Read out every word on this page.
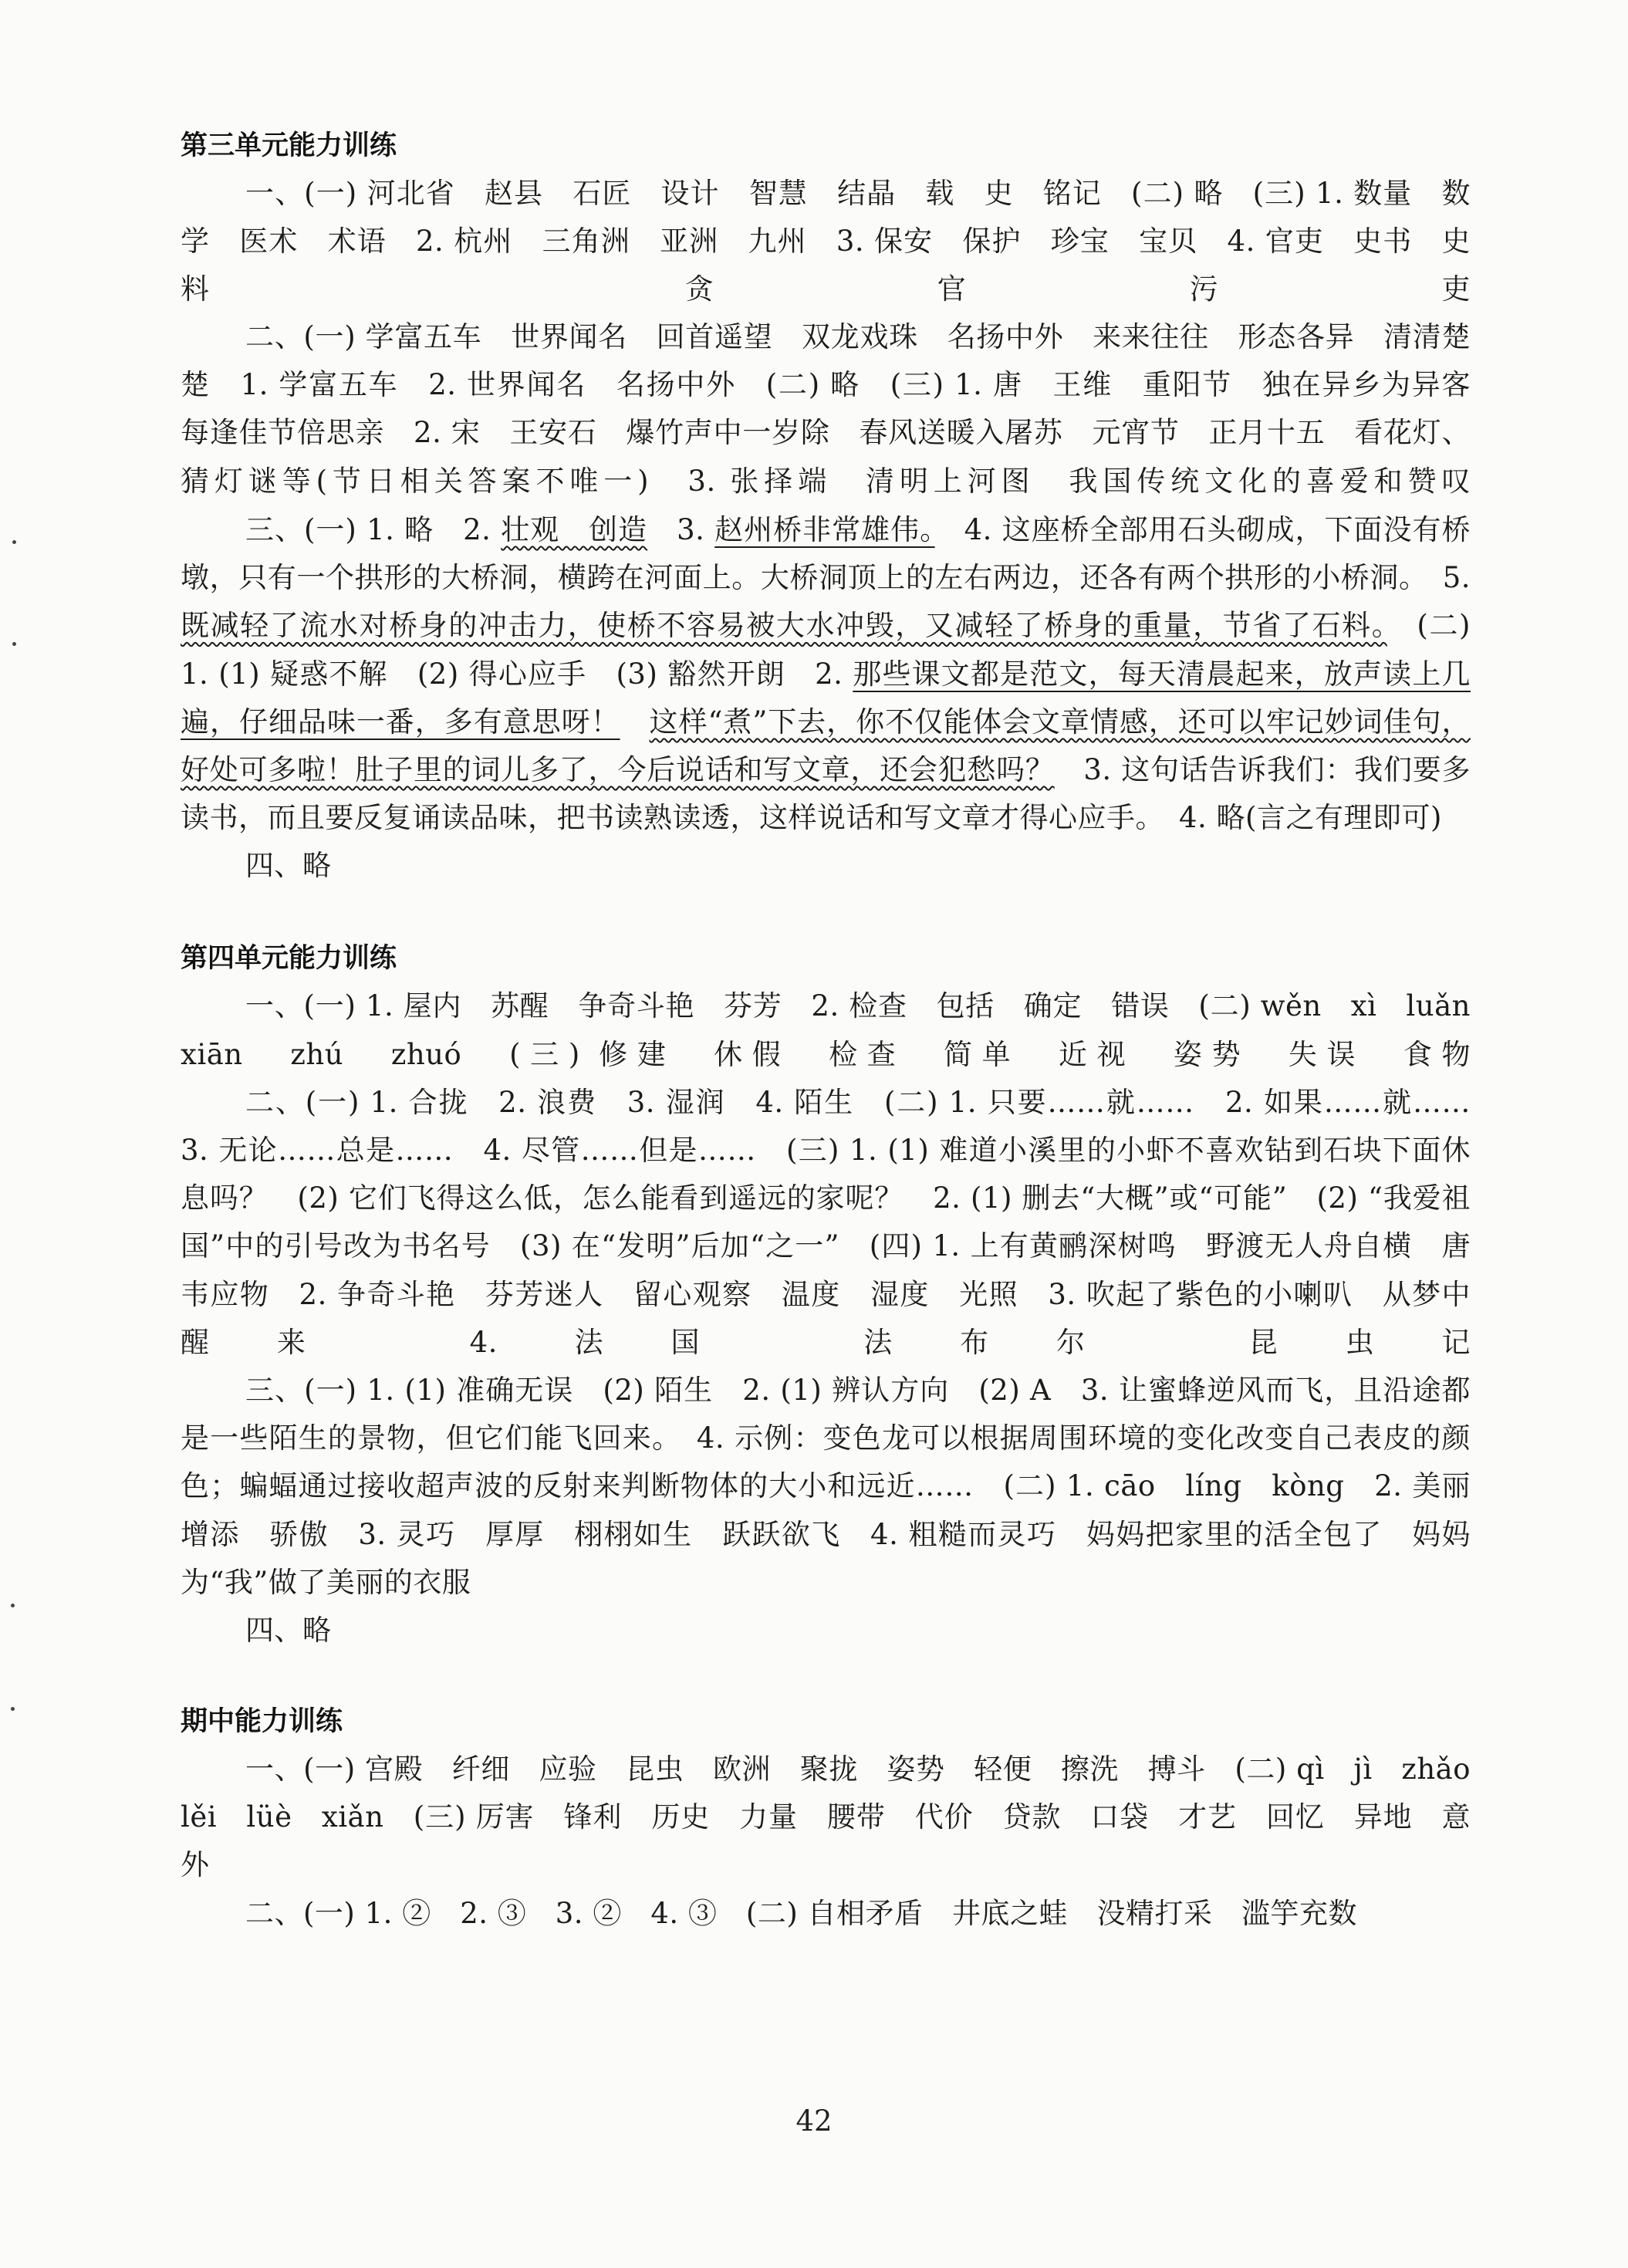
第三单元能力训练

一、(一) 河北省　赵县　石匠　设计　智慧　结晶　载　史　铭记　(二) 略　(三) 1. 数量　数学　医术　术语　2. 杭州　三角洲　亚洲　九州　3. 保安　保护　珍宝　宝贝　4. 官吏　史书　史料　贪官污吏

二、(一) 学富五车　世界闻名　回首遥望　双龙戏珠　名扬中外　来来往往　形态各异　清清楚楚　1. 学富五车　2. 世界闻名　名扬中外　(二) 略　(三) 1. 唐　王维　重阳节　独在异乡为异客　每逢佳节倍思亲　2. 宋　王安石　爆竹声中一岁除　春风送暖入屠苏　元宵节　正月十五　看花灯、猜灯谜等(节日相关答案不唯一)　3. 张择端　清明上河图　我国传统文化的喜爱和赞叹

三、(一) 1. 略　2. 壮观　创造　3. 赵州桥非常雄伟。　4. 这座桥全部用石头砌成，下面没有桥墩，只有一个拱形的大桥洞，横跨在河面上。大桥洞顶上的左右两边，还各有两个拱形的小桥洞。　5. 既减轻了流水对桥身的冲击力，使桥不容易被大水冲毁，又减轻了桥身的重量，节省了石料。　(二) 1. (1) 疑惑不解　(2) 得心应手　(3) 豁然开朗　2. 那些课文都是范文，每天清晨起来，放声读上几遍，仔细品味一番，多有意思呀！　 这样“煮”下去，你不仅能体会文章情感，还可以牢记妙词佳句，好处可多啦！肚子里的词儿多了，今后说话和写文章，还会犯愁吗？　3. 这句话告诉我们：我们要多读书，而且要反复诵读品味，把书读熟读透，这样说话和写文章才得心应手。　4. 略(言之有理即可)

四、略

第四单元能力训练

一、(一) 1. 屋内　苏醒　争奇斗艳　芬芳　2. 检查　包括　确定　错误　(二) wěn　xì　luǎn　xiān　zhú　zhuó　(三) 修建　休假　检查　简单　近视　姿势　失误　食物

二、(一) 1. 合拢　2. 浪费　3. 湿润　4. 陌生　(二) 1. 只要……就……　2. 如果……就……　3. 无论……总是……　4. 尽管……但是……　(三) 1. (1) 难道小溪里的小虾不喜欢钻到石块下面休息吗？　(2) 它们飞得这么低，怎么能看到遥远的家呢？　2. (1) 删去“大概”或“可能”　(2) “我爱祖国”中的引号改为书名号　(3) 在“发明”后加“之一”　(四) 1. 上有黄鹂深树鸣　野渡无人舟自横　唐　韦应物　2. 争奇斗艳　芬芳迷人　留心观察　温度　湿度　光照　3. 吹起了紫色的小喇叭　从梦中醒来　4. 法国　法布尔　昆虫记

三、(一) 1. (1) 准确无误　(2) 陌生　2. (1) 辨认方向　(2) A　3. 让蜜蜂逆风而飞，且沿途都是一些陌生的景物，但它们能飞回来。　4. 示例：变色龙可以根据周围环境的变化改变自己表皮的颜色；蝙蝠通过接收超声波的反射来判断物体的大小和远近……　(二) 1. cāo　líng　kòng　2. 美丽　增添　骄傲　3. 灵巧　厚厚　栩栩如生　跃跃欲飞　4. 粗糙而灵巧　妈妈把家里的活全包了　妈妈为“我”做了美丽的衣服

四、略

期中能力训练

一、(一) 宫殿　纤细　应验　昆虫　欧洲　聚拢　姿势　轻便　擦洗　搏斗　(二) qì　jì　zhǎo　lěi　lüè　xiǎn　(三) 厉害　锋利　历史　力量　腰带　代价　贷款　口袋　才艺　回忆　异地　意外

二、(一) 1. ②　2. ③　3. ②　4. ③　(二) 自相矛盾　井底之蛙　没精打采　滥竽充数

42
